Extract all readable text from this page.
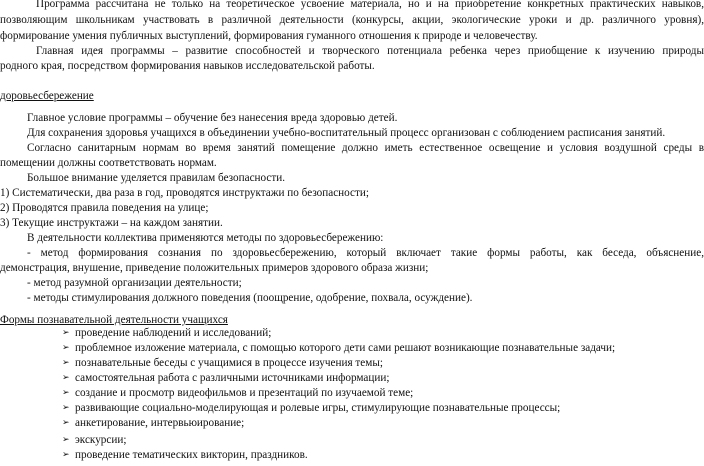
Программа рассчитана не только на теоретическое усвоение материала, но и на приобретение конкретных практических навыков,
позволяющим школьникам участвовать в различной деятельности (конкурсы, акции, экологические уроки и др. различного уровня),
формирование умения публичных выступлений, формирования гуманного отношения к природе и человечеству.
Главная идея программы – развитие способностей и творческого потенциала ребенка через приобщение к изучению природы
родного края, посредством формирования навыков исследовательской работы.
доровьесбережение
Главное условие программы – обучение без нанесения вреда здоровью детей.
Для сохранения здоровья учащихся в объединении учебно-воспитательный процесс организован с соблюдением расписания занятий.
Согласно санитарным нормам во время занятий помещение должно иметь естественное освещение и условия воздушной среды в
помещении должны соответствовать нормам.
Большое внимание уделяется правилам безопасности.
1) Систематически, два раза в год, проводятся инструктажи по безопасности;
2) Проводятся правила поведения на улице;
3) Текущие инструктажи – на каждом занятии.
В деятельности коллектива применяются методы по здоровьесбережению:
- метод формирования сознания по здоровьесбережению, который включает такие формы работы, как беседа, объяснение,
демонстрация, внушение, приведение положительных примеров здорового образа жизни;
- метод разумной организации деятельности;
- методы стимулирования должного поведения (поощрение, одобрение, похвала, осуждение).
Формы познавательной деятельности учащихся
➢ проведение наблюдений и исследований;
➢ проблемное изложение материала, с помощью которого дети сами решают возникающие познавательные задачи;
➢ познавательные беседы с учащимися в процессе изучения темы;
➢ самостоятельная работа с различными источниками информации;
➢ создание и просмотр видеофильмов и презентаций по изучаемой теме;
➢ развивающие социально-моделирующая и ролевые игры, стимулирующие познавательные процессы;
➢ анкетирование, интервьюирование;
➢ экскурсии;
➢ проведение тематических викторин, праздников.
